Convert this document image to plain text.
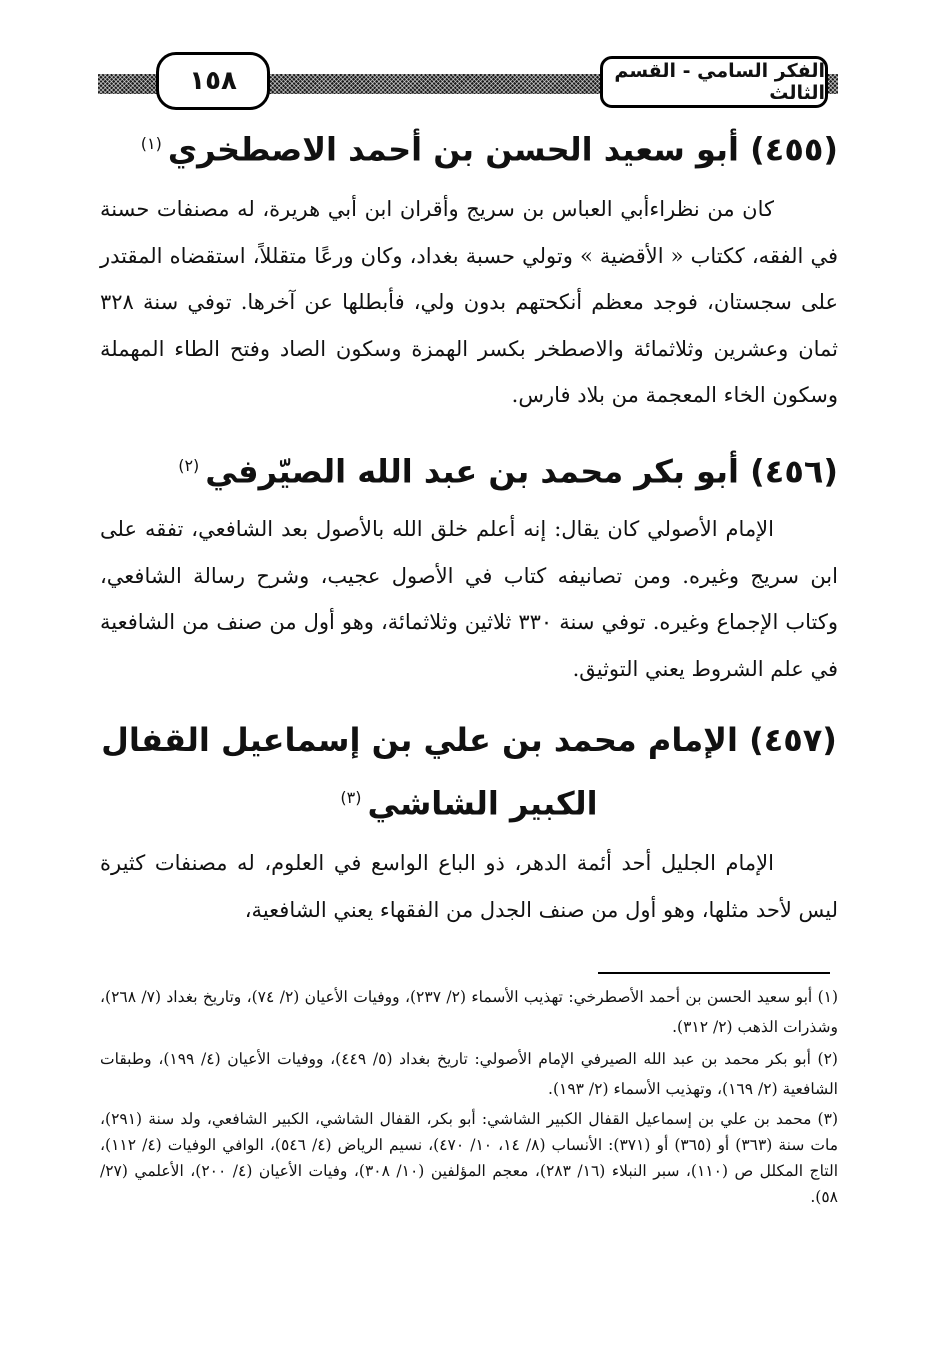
الفكر السامي - القسم الثالث
١٥٨
(٤٥٥) أبو سعيد الحسن بن أحمد الاصطخري$^{(١)}$

كان من نظراءأبي العباس بن سريج وأقران ابن أبي هريرة، له مصنفات حسنة في الفقه، ككتاب « الأقضية » وتولي حسبة بغداد، وكان ورعًا متقللاً، استقضاه المقتدر على سجستان، فوجد معظم أنكحتهم بدون ولي، فأبطلها عن آخرها. توفي سنة ٣٢٨ ثمان وعشرين وثلاثمائة والاصطخر بكسر الهمزة وسكون الصاد وفتح الطاء المهملة وسكون الخاء المعجمة من بلاد فارس.

(٤٥٦) أبو بكر محمد بن عبد الله الصيّرفي$^{(٢)}$

الإمام الأصولي كان يقال: إنه أعلم خلق الله بالأصول بعد الشافعي، تفقه على ابن سريج وغيره. ومن تصانيفه كتاب في الأصول عجيب، وشرح رسالة الشافعي، وكتاب الإجماع وغيره. توفي سنة ٣٣٠ ثلاثين وثلاثمائة، وهو أول من صنف من الشافعية في علم الشروط يعني التوثيق.

(٤٥٧) الإمام محمد بن علي بن إسماعيل القفال
الكبير الشاشي$^{(٣)}$

الإمام الجليل أحد أئمة الدهر، ذو الباع الواسع في العلوم، له مصنفات كثيرة ليس لأحد مثلها، وهو أول من صنف الجدل من الفقهاء يعني الشافعية،

(١) أبو سعيد الحسن بن أحمد الأصطرخي: تهذيب الأسماء (٢/ ٢٣٧)، ووفيات الأعيان (٢/ ٧٤)، وتاريخ بغداد (٧/ ٢٦٨)، وشذرات الذهب (٢/ ٣١٢).

(٢) أبو بكر محمد بن عبد الله الصيرفي الإمام الأصولي: تاريخ بغداد (٥/ ٤٤٩)، ووفيات الأعيان (٤/ ١٩٩)، وطبقات الشافعية (٢/ ١٦٩)، وتهذيب الأسماء (٢/ ١٩٣).

(٣) محمد بن علي بن إسماعيل القفال الكبير الشاشي: أبو بكر، القفال الشاشي، الكبير الشافعي، ولد سنة (٢٩١)، مات سنة (٣٦٣) أو (٣٦٥) أو (٣٧١): الأنساب (٨/ ١٤، ١٠/ ٤٧٠)، نسيم الرياض (٤/ ٥٤٦)، الوافي الوفيات (٤/ ١١٢)، التاج المكلل ص (١١٠)، سبر النبلاء (١٦/ ٢٨٣)، معجم المؤلفين (١٠/ ٣٠٨)، وفيات الأعيان (٤/ ٢٠٠)، الأعلمي (٢٧/ ٥٨).
